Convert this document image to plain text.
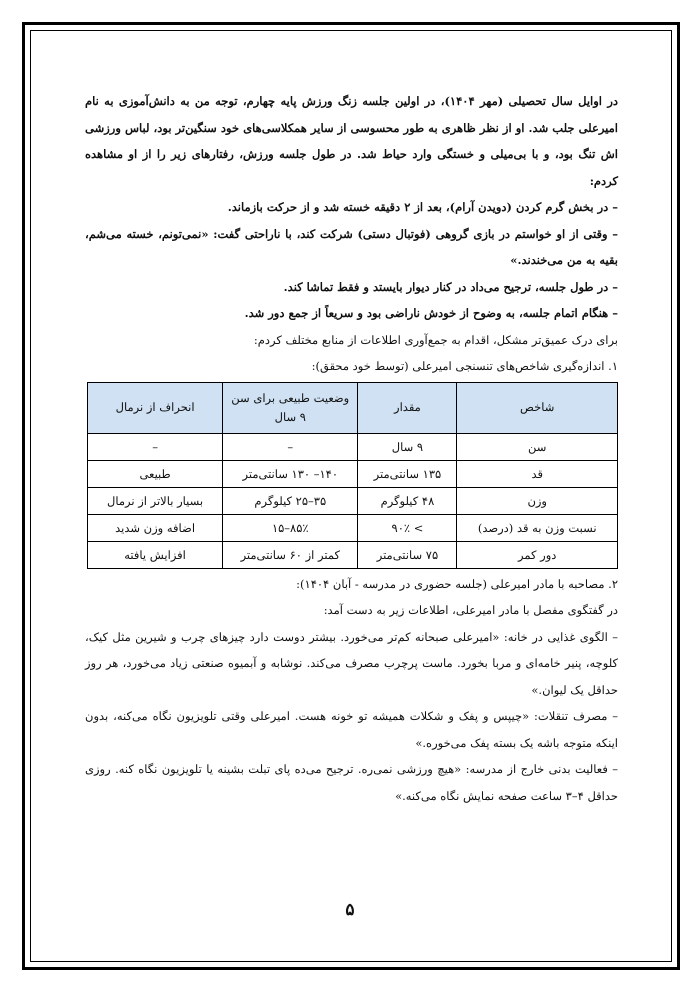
در اوایل سال تحصیلی (مهر ۱۴۰۴)، در اولین جلسه زنگ ورزش پایه چهارم، توجه من به دانش‌آموزی به نام امیرعلی جلب شد. او از نظر ظاهری به طور محسوسی از سایر همکلاسی‌های خود سنگین‌تر بود، لباس ورزشی اش تنگ بود، و با بی‌میلی و خستگی وارد حیاط شد. در طول جلسه ورزش، رفتارهای زیر را از او مشاهده کردم:

– در بخش گرم کردن (دویدن آرام)، بعد از ۲ دقیقه خسته شد و از حرکت بازماند.

– وقتی از او خواستم در بازی گروهی (فوتبال دستی) شرکت کند، با ناراحتی گفت: «نمی‌تونم، خسته می‌شم، بقیه به من می‌خندند.»

– در طول جلسه، ترجیح می‌داد در کنار دیوار بایستد و فقط تماشا کند.

– هنگام اتمام جلسه، به وضوح از خودش ناراضی بود و سریعاً از جمع دور شد.

برای درک عمیق‌تر مشکل، اقدام به جمع‌آوری اطلاعات از منابع مختلف کردم:

۱. اندازه‌گیری شاخص‌های تنسنجی امیرعلی (توسط خود محقق):

شاخص	مقدار	وضعیت طبیعی برای سن ۹ سال	انحراف از نرمال
سن	۹ سال	–	–
قد	۱۳۵ سانتی‌متر	۱۴۰– ۱۳۰ سانتی‌متر	طبیعی
وزن	۴۸ کیلوگرم	۳۵–۲۵ کیلوگرم	بسیار بالاتر از نرمال
نسبت وزن به قد (درصد)	> ۹۰٪	۸۵٪–۱۵	اضافه وزن شدید
دور کمر	۷۵ سانتی‌متر	کمتر از ۶۰ سانتی‌متر	افزایش یافته

۲. مصاحبه با مادر امیرعلی (جلسه حضوری در مدرسه - آبان ۱۴۰۴):

در گفتگوی مفصل با مادر امیرعلی، اطلاعات زیر به دست آمد:

– الگوی غذایی در خانه: «امیرعلی صبحانه کم‌تر می‌خورد. بیشتر دوست دارد چیزهای چرب و شیرین مثل کیک، کلوچه، پنیر خامه‌ای و مربا بخورد. ماست پرچرب مصرف می‌کند. نوشابه و آبمیوه صنعتی زیاد می‌خورد، هر روز حداقل یک لیوان.»

– مصرف تنقلات: «چیپس و پفک و شکلات همیشه تو خونه هست. امیرعلی وقتی تلویزیون نگاه می‌کنه، بدون اینکه متوجه باشه یک بسته پفک می‌خوره.»

– فعالیت بدنی خارج از مدرسه: «هیچ ورزشی نمی‌ره. ترجیح می‌ده پای تبلت بشینه یا تلویزیون نگاه کنه. روزی حداقل ۴–۳ ساعت صفحه نمایش نگاه می‌کنه.»

۵
